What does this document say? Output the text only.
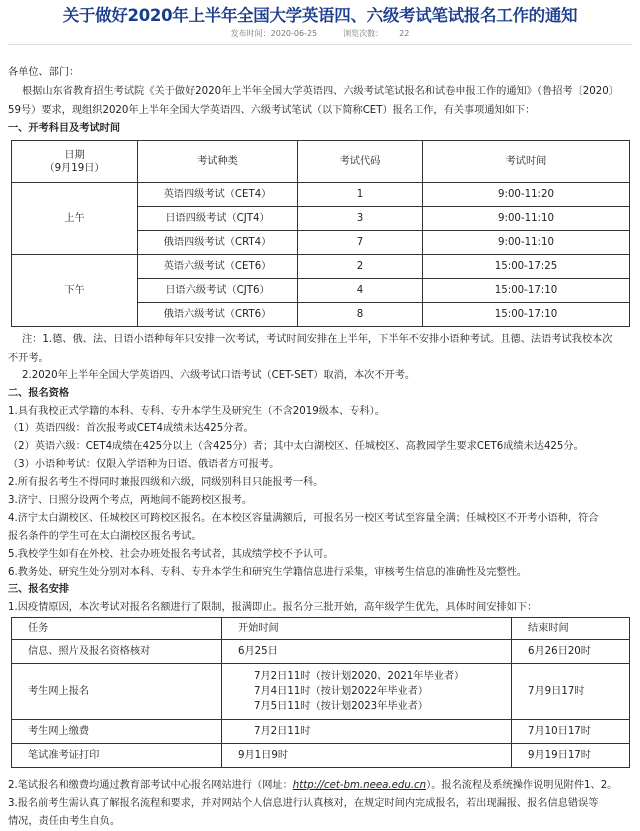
关于做好2020年上半年全国大学英语四、六级考试笔试报名工作的通知
发布时间：2020-06-25	浏览次数： 22
各单位、部门：
根据山东省教育招生考试院《关于做好2020年上半年全国大学英语四、六级考试笔试报名和试卷申报工作的通知》（鲁招考〔2020〕
59号）要求，现组织2020年上半年全国大学英语四、六级考试笔试（以下简称CET）报名工作，有关事项通知如下：
一、开考科目及考试时间
日期
（9月19日）	考试种类	考试代码	考试时间
上午	英语四级考试（CET4）	1	9:00-11:20
	日语四级考试（CJT4）	3	9:00-11:10
	俄语四级考试（CRT4）	7	9:00-11:10
下午	英语六级考试（CET6）	2	15:00-17:25
	日语六级考试（CJT6）	4	15:00-17:10
	俄语六级考试（CRT6）	8	15:00-17:10
注：1.德、俄、法、日语小语种每年只安排一次考试，考试时间安排在上半年，下半年不安排小语种考试。且德、法语考试我校本次
不开考。
2.2020年上半年全国大学英语四、六级考试口语考试（CET-SET）取消，本次不开考。
二、报名资格
1.具有我校正式学籍的本科、专科、专升本学生及研究生（不含2019级本、专科）。
（1）英语四级：首次报考或CET4成绩未达425分者。
（2）英语六级：CET4成绩在425分以上（含425分）者；其中太白湖校区、任城校区、高教园学生要求CET6成绩未达425分。
（3）小语种考试：仅限入学语种为日语、俄语者方可报考。
2.所有报名考生不得同时兼报四级和六级，同级别科目只能报考一科。
3.济宁、日照分设两个考点，两地间不能跨校区报考。
4.济宁太白湖校区、任城校区可跨校区报名。在本校区容量满额后，可报名另一校区考试至容量全满；任城校区不开考小语种，符合
报名条件的学生可在太白湖校区报名考试。
5.我校学生如有在外校、社会办班处报名考试者，其成绩学校不予认可。
6.教务处、研究生处分别对本科、专科、专升本学生和研究生学籍信息进行采集，审核考生信息的准确性及完整性。
三、报名安排
1.因疫情原因，本次考试对报名名额进行了限制，报满即止。报名分三批开始，高年级学生优先，具体时间安排如下：
任务	开始时间	结束时间
信息、照片及报名资格核对	6月25日	6月26日20时
考生网上报名	7月2日11时（按计划2020、2021年毕业者）
7月4日11时（按计划2022年毕业者）
7月5日11时（按计划2023年毕业者）	7月9日17时
考生网上缴费	7月2日11时	7月10日17时
笔试准考证打印	9月1日9时	9月19日17时
2.笔试报名和缴费均通过教育部考试中心报名网站进行（网址：http://cet-bm.neea.edu.cn）。报名流程及系统操作说明见附件1、2。
3.报名前考生需认真了解报名流程和要求，并对网站个人信息进行认真核对，在规定时间内完成报名，若出现漏报、报名信息错误等
情况，责任由考生自负。
